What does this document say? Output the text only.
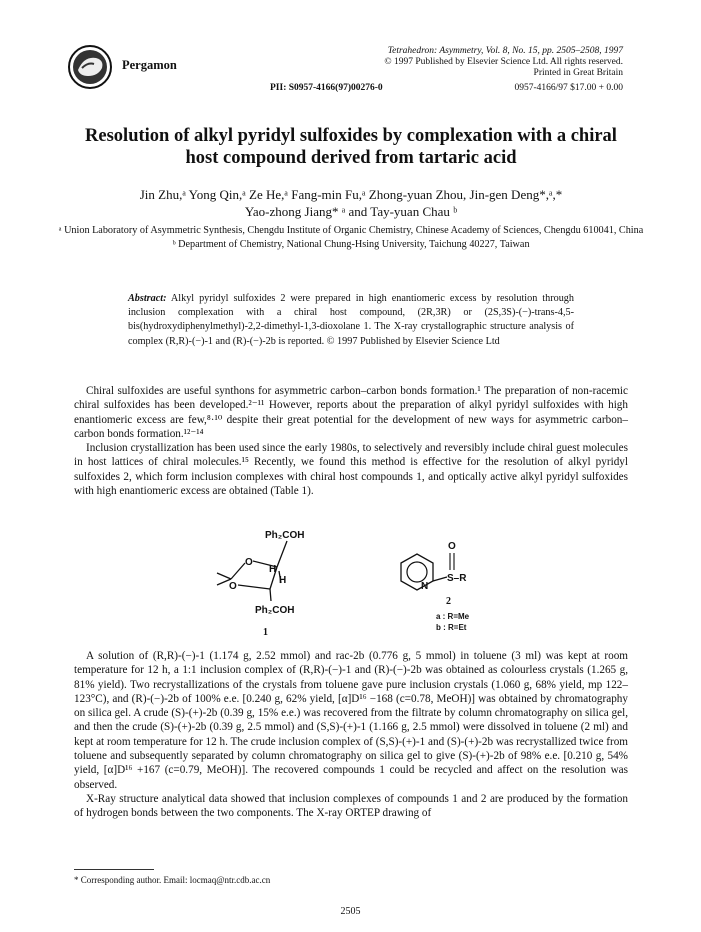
Pergamon
PII: S0957-4166(97)00276-0
Tetrahedron: Asymmetry, Vol. 8, No. 15, pp. 2505–2508, 1997
© 1997 Published by Elsevier Science Ltd. All rights reserved.
Printed in Great Britain
0957-4166/97 $17.00 + 0.00
Resolution of alkyl pyridyl sulfoxides by complexation with a chiral
host compound derived from tartaric acid
Jin Zhu,ᵃ Yong Qin,ᵃ Ze He,ᵃ Fang-min Fu,ᵃ Zhong-yuan Zhou, Jin-gen Deng*,ᵃ,*
Yao-zhong Jiang* ᵃ and Tay-yuan Chau ᵇ
ᵃ Union Laboratory of Asymmetric Synthesis, Chengdu Institute of Organic Chemistry, Chinese Academy of Sciences, Chengdu 610041, China
ᵇ Department of Chemistry, National Chung-Hsing University, Taichung 40227, Taiwan
Abstract: Alkyl pyridyl sulfoxides 2 were prepared in high enantiomeric excess by resolution through inclusion complexation with a chiral host compound, (2R,3R) or (2S,3S)-(−)-trans-4,5-bis(hydroxydiphenylmethyl)-2,2-dimethyl-1,3-dioxolane 1. The X-ray crystallographic structure analysis of complex (R,R)-(−)-1 and (R)-(−)-2b is reported. © 1997 Published by Elsevier Science Ltd

Chiral sulfoxides are useful synthons for asymmetric carbon–carbon bonds formation.¹ The preparation of non-racemic chiral sulfoxides has been developed.²⁻¹¹ However, reports about the preparation of alkyl pyridyl sulfoxides with high enantiomeric excess are few,⁸·¹⁰ despite their great potential for the development of new ways for asymmetric carbon–carbon bonds formation.¹²⁻¹⁴

Inclusion crystallization has been used since the early 1980s, to selectively and reversibly include chiral guest molecules in host lattices of chiral molecules.¹⁵ Recently, we found this method is effective for the resolution of alkyl pyridyl sulfoxides 2, which form inclusion complexes with chiral host compounds 1, and optically active alkyl pyridyl sulfoxides with high enantiomeric excess are obtained (Table 1).

Ph₂COH
O
O
H
H
Ph₂COH
1
N
S–R
O
2
a : R=Me
b : R=Et

A solution of (R,R)-(−)-1 (1.174 g, 2.52 mmol) and rac-2b (0.776 g, 5 mmol) in toluene (3 ml) was kept at room temperature for 12 h, a 1:1 inclusion complex of (R,R)-(−)-1 and (R)-(−)-2b was obtained as colourless crystals (1.265 g, 81% yield). Two recrystallizations of the crystals from toluene gave pure inclusion crystals (1.060 g, 68% yield, mp 122–123°C), and (R)-(−)-2b of 100% e.e. [0.240 g, 62% yield, [α]D¹⁶ −168 (c=0.78, MeOH)] was obtained by chromatography on silica gel. A crude (S)-(+)-2b (0.39 g, 15% e.e.) was recovered from the filtrate by column chromatography on silica gel, and then the crude (S)-(+)-2b (0.39 g, 2.5 mmol) and (S,S)-(+)-1 (1.166 g, 2.5 mmol) were dissolved in toluene (2 ml) and kept at room temperature for 12 h. The crude inclusion complex of (S,S)-(+)-1 and (S)-(+)-2b was recrystallized twice from toluene and subsequently separated by column chromatography on silica gel to give (S)-(+)-2b of 98% e.e. [0.210 g, 54% yield, [α]D¹⁶ +167 (c=0.79, MeOH)]. The recovered compounds 1 could be recycled and affect on the resolution was observed.

X-Ray structure analytical data showed that inclusion complexes of compounds 1 and 2 are produced by the formation of hydrogen bonds between the two components. The X-ray ORTEP drawing of

* Corresponding author. Email: locmaq@ntr.cdb.ac.cn
2505
